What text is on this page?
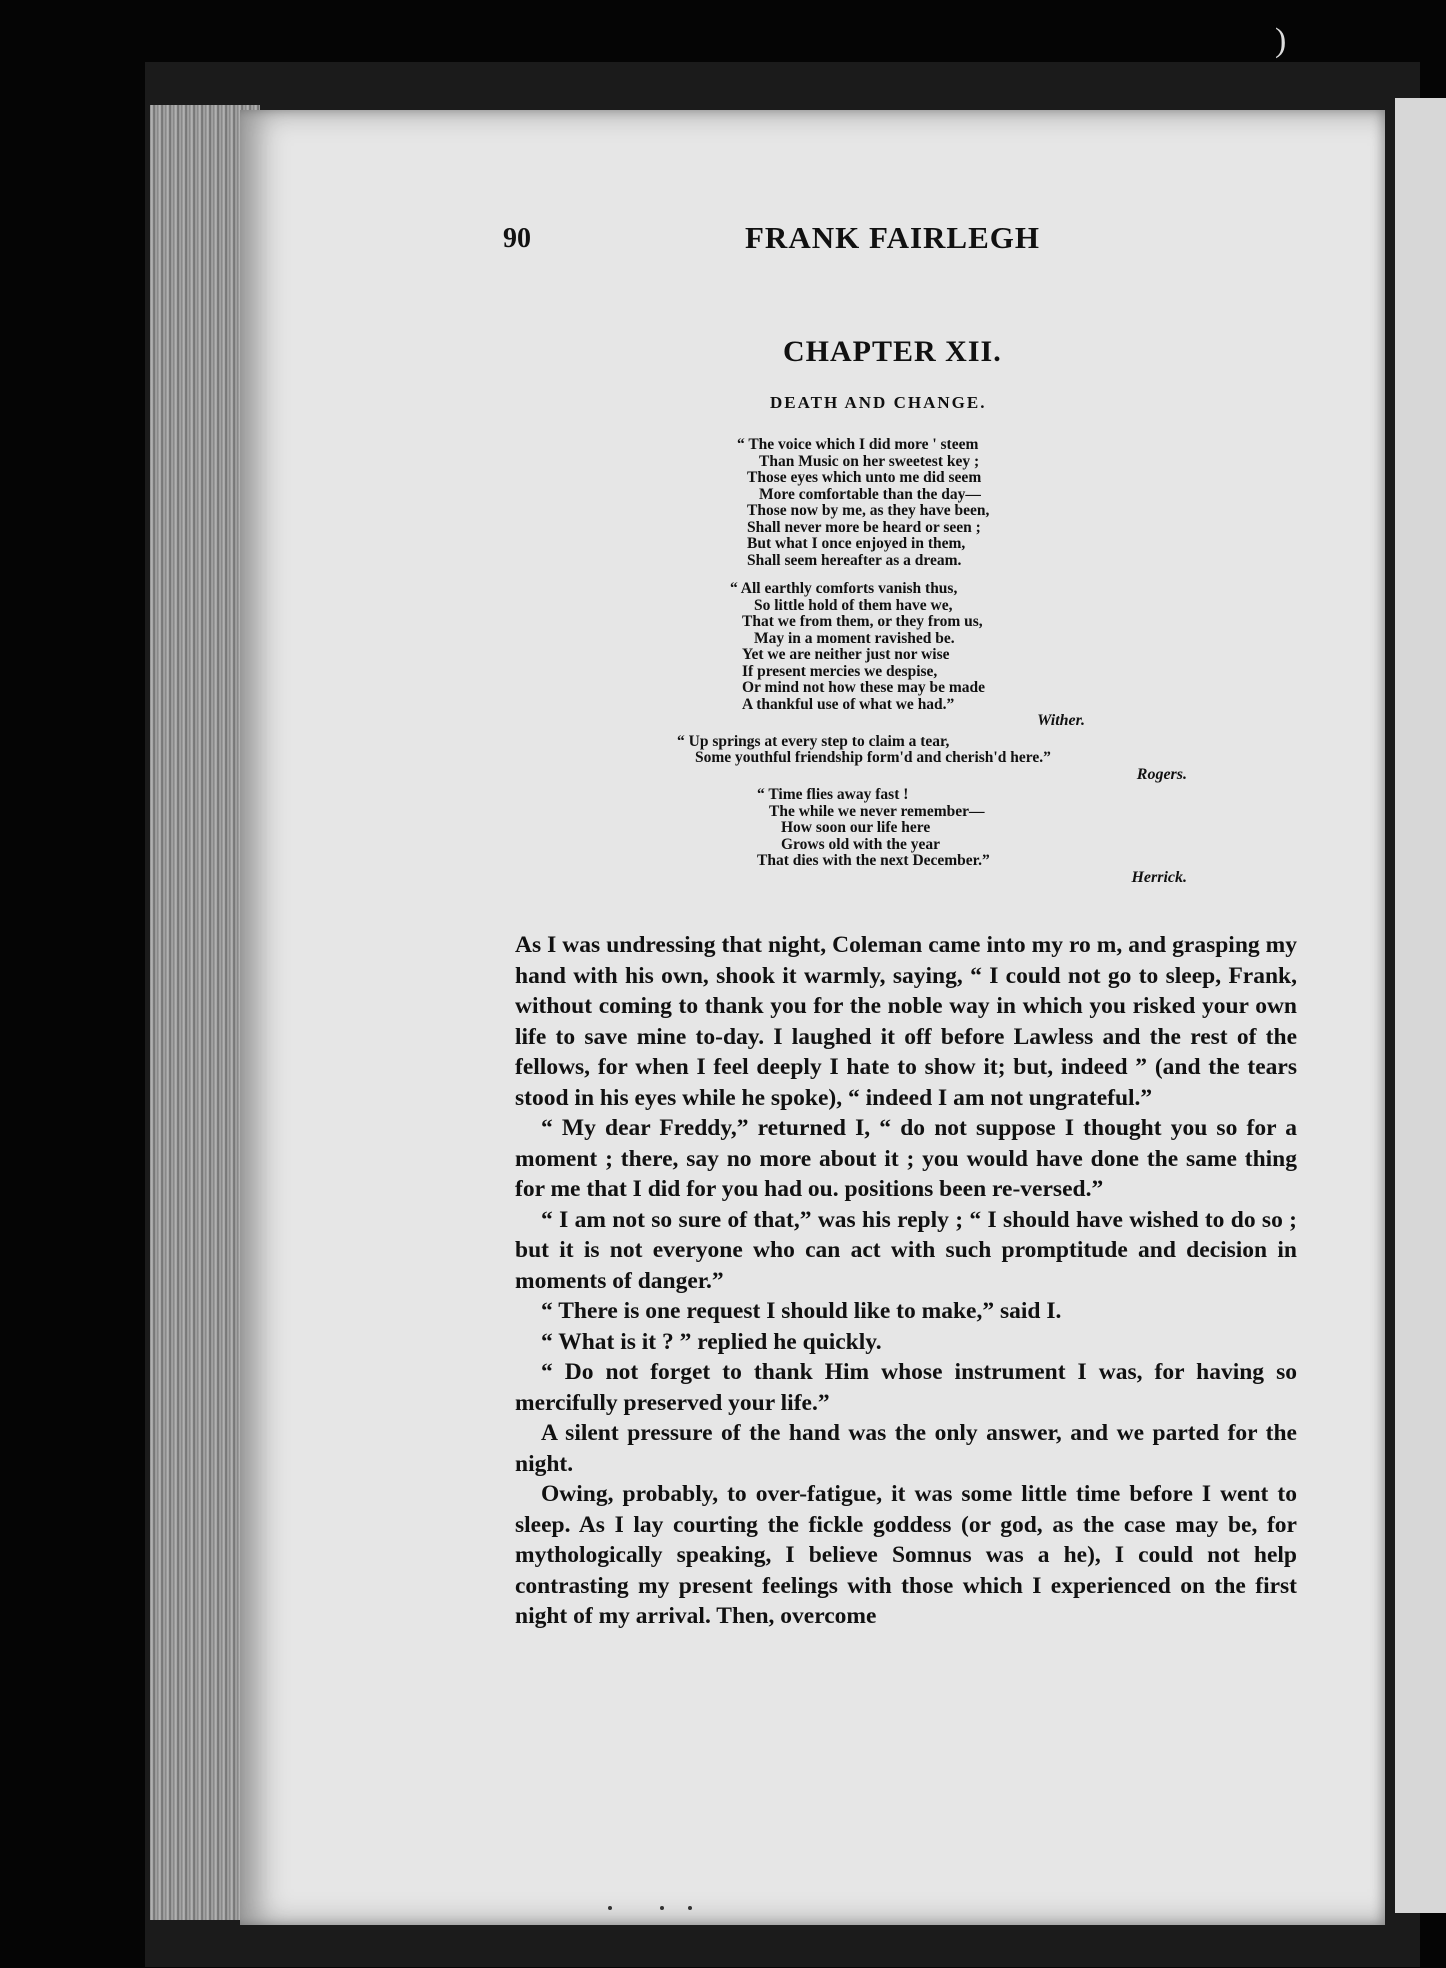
)
90	FRANK FAIRLEGH
CHAPTER XII.
DEATH AND CHANGE.
“ The voice which I did more ' steem
Than Music on her sweetest key ;
Those eyes which unto me did seem
More comfortable than the day—
Those now by me, as they have been,
Shall never more be heard or seen ;
But what I once enjoyed in them,
Shall seem hereafter as a dream.
“ All earthly comforts vanish thus,
So little hold of them have we,
That we from them, or they from us,
May in a moment ravished be.
Yet we are neither just nor wise
If present mercies we despise,
Or mind not how these may be made
A thankful use of what we had.”
Wither.
“ Up springs at every step to claim a tear,
Some youthful friendship form'd and cherish'd here.”
Rogers.
“ Time flies away fast !
The while we never remember—
How soon our life here
Grows old with the year
That dies with the next December.”
Herrick.

As I was undressing that night, Coleman came into my ro m, and grasping my hand with his own, shook it warmly, saying, “ I could not go to sleep, Frank, without coming to thank you for the noble way in which you risked your own life to save mine to-day. I laughed it off before Lawless and the rest of the fellows, for when I feel deeply I hate to show it; but, indeed ” (and the tears stood in his eyes while he spoke), “ indeed I am not ungrateful.”

“ My dear Freddy,” returned I, “ do not suppose I thought you so for a moment ; there, say no more about it ; you would have done the same thing for me that I did for you had ou. positions been re-versed.”

“ I am not so sure of that,” was his reply ; “ I should have wished to do so ; but it is not everyone who can act with such promptitude and decision in moments of danger.”

“ There is one request I should like to make,” said I.

“ What is it ? ” replied he quickly.

“ Do not forget to thank Him whose instrument I was, for having so mercifully preserved your life.”

A silent pressure of the hand was the only answer, and we parted for the night.

Owing, probably, to over-fatigue, it was some little time before I went to sleep. As I lay courting the fickle goddess (or god, as the case may be, for mythologically speaking, I believe Somnus was a he), I could not help contrasting my present feelings with those which I experienced on the first night of my arrival. Then, overcome
